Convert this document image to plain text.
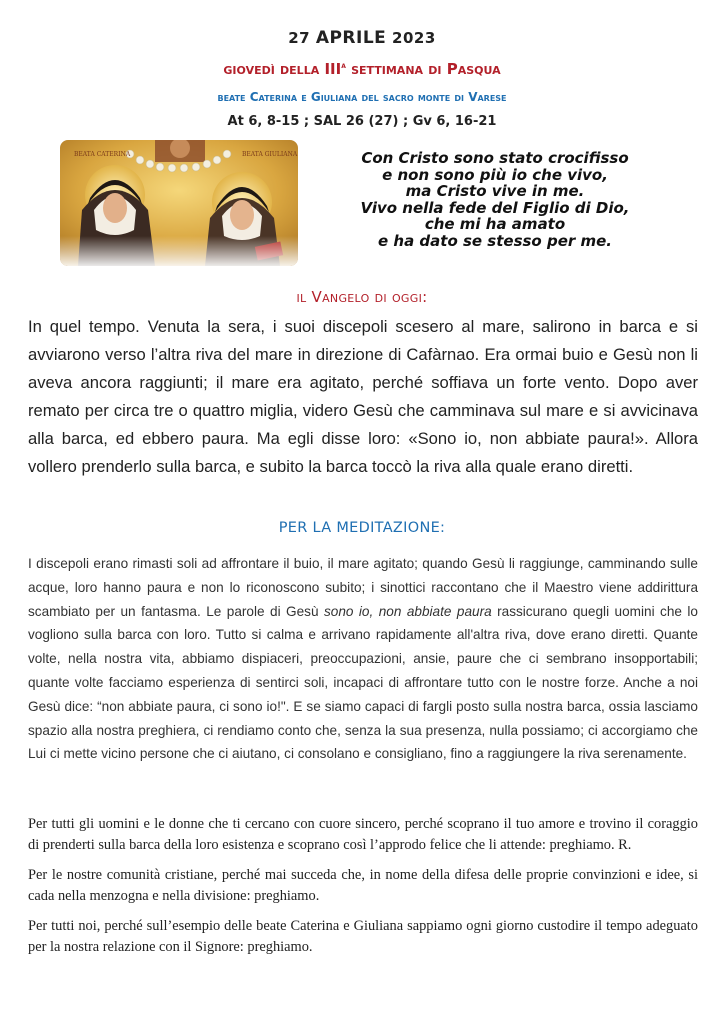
27 APRILE 2023
giovedì della III$^a$ settimana di Pasqua
beate Caterina e Giuliana del sacro monte di Varese
At 6, 8-15 ; SAL 26 (27) ; Gv 6, 16-21
BEATA CATERINA	BEATA GIULIANA	Con Cristo sono stato crocifisso
e non sono più io che vivo,
ma Cristo vive in me.
Vivo nella fede del Figlio di Dio,
che mi ha amato
e ha dato se stesso per me.
il Vangelo di oggi:
In quel tempo. Venuta la sera, i suoi discepoli scesero al mare, salirono in barca e si avviarono verso l’altra riva del mare in direzione di Cafàrnao. Era ormai buio e Gesù non li aveva ancora raggiunti; il mare era agitato, perché soffiava un forte vento. Dopo aver remato per circa tre o quattro miglia, videro Gesù che camminava sul mare e si avvicinava alla barca, ed ebbero paura. Ma egli disse loro: «Sono io, non abbiate paura!». Allora vollero prenderlo sulla barca, e subito la barca toccò la riva alla quale erano diretti.
PER LA MEDITAZIONE:
I discepoli erano rimasti soli ad affrontare il buio, il mare agitato; quando Gesù li raggiunge, camminando sulle acque, loro hanno paura e non lo riconoscono subito; i sinottici raccontano che il Maestro viene addirittura scambiato per un fantasma. Le parole di Gesù sono io, non abbiate paura rassicurano quegli uomini che lo vogliono sulla barca con loro. Tutto si calma e arrivano rapidamente all'altra riva, dove erano diretti. Quante volte, nella nostra vita, abbiamo dispiaceri, preoccupazioni, ansie, paure che ci sembrano insopportabili; quante volte facciamo esperienza di sentirci soli, incapaci di affrontare tutto con le nostre forze. Anche a noi Gesù dice: “non abbiate paura, ci sono io!". E se siamo capaci di fargli posto sulla nostra barca, ossia lasciamo spazio alla nostra preghiera, ci rendiamo conto che, senza la sua presenza, nulla possiamo; ci accorgiamo che Lui ci mette vicino persone che ci aiutano, ci consolano e consigliano, fino a raggiungere la riva serenamente.

Per tutti gli uomini e le donne che ti cercano con cuore sincero, perché scoprano il tuo amore e trovino il coraggio di prenderti sulla barca della loro esistenza e scoprano così l’approdo felice che li attende: preghiamo. R.

Per le nostre comunità cristiane, perché mai succeda che, in nome della difesa delle proprie convinzioni e idee, si cada nella menzogna e nella divisione: preghiamo.

Per tutti noi, perché sull’esempio delle beate Caterina e Giuliana sappiamo ogni giorno custodire il tempo adeguato per la nostra relazione con il Signore: preghiamo.
